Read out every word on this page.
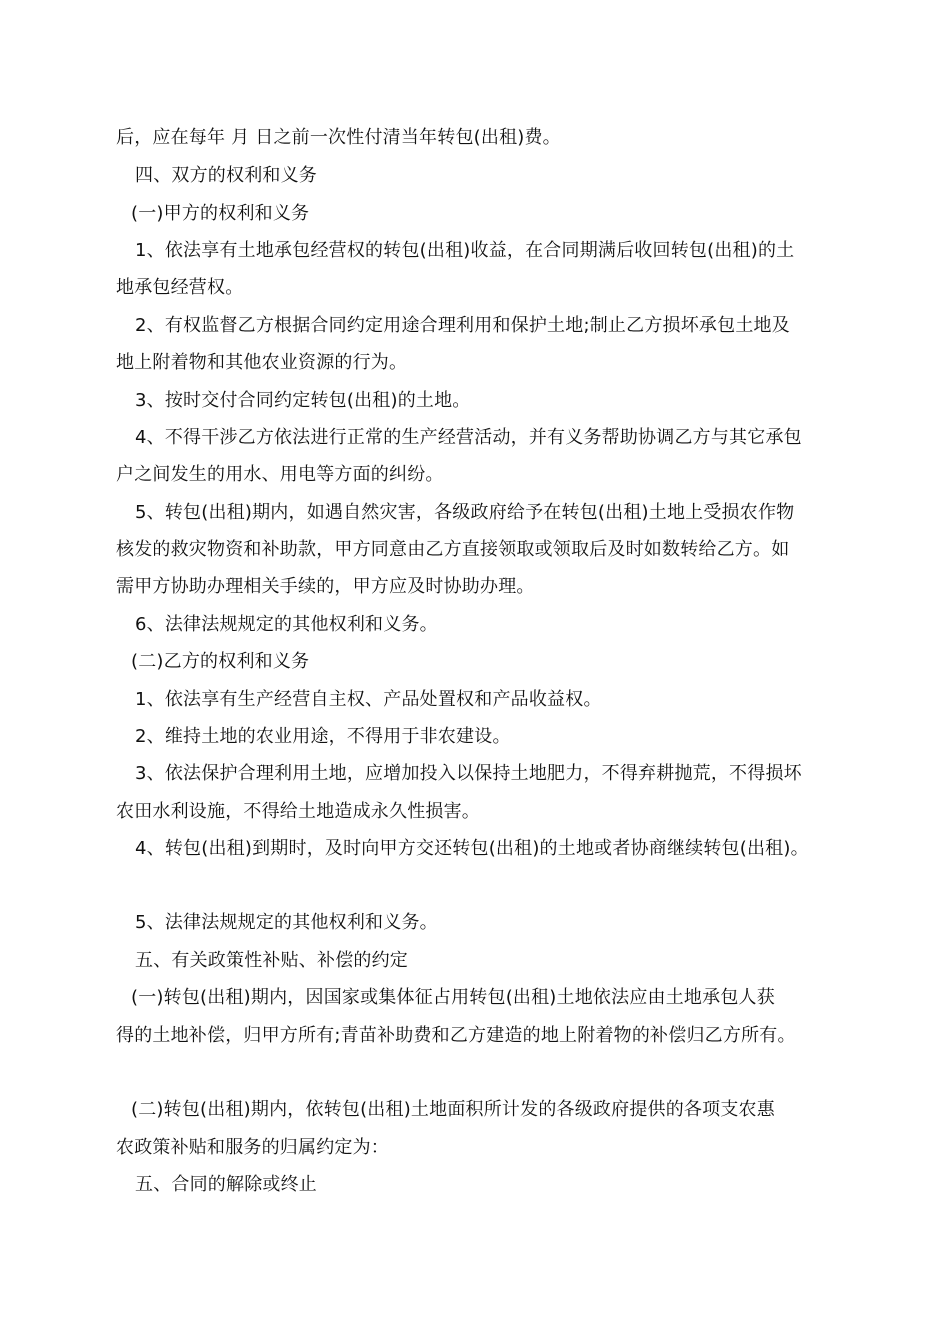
后，应在每年 月 日之前一次性付清当年转包(出租)费。

四、双方的权利和义务

(一)甲方的权利和义务

1、依法享有土地承包经营权的转包(出租)收益，在合同期满后收回转包(出租)的土

地承包经营权。

2、有权监督乙方根据合同约定用途合理利用和保护土地;制止乙方损坏承包土地及

地上附着物和其他农业资源的行为。

3、按时交付合同约定转包(出租)的土地。

4、不得干涉乙方依法进行正常的生产经营活动，并有义务帮助协调乙方与其它承包

户之间发生的用水、用电等方面的纠纷。

5、转包(出租)期内，如遇自然灾害，各级政府给予在转包(出租)土地上受损农作物

核发的救灾物资和补助款，甲方同意由乙方直接领取或领取后及时如数转给乙方。如

需甲方协助办理相关手续的，甲方应及时协助办理。

6、法律法规规定的其他权利和义务。

(二)乙方的权利和义务

1、依法享有生产经营自主权、产品处置权和产品收益权。

2、维持土地的农业用途，不得用于非农建设。

3、依法保护合理利用土地，应增加投入以保持土地肥力，不得弃耕抛荒，不得损坏

农田水利设施，不得给土地造成永久性损害。

4、转包(出租)到期时，及时向甲方交还转包(出租)的土地或者协商继续转包(出租)。

5、法律法规规定的其他权利和义务。

五、有关政策性补贴、补偿的约定

(一)转包(出租)期内，因国家或集体征占用转包(出租)土地依法应由土地承包人获

得的土地补偿，归甲方所有;青苗补助费和乙方建造的地上附着物的补偿归乙方所有。

(二)转包(出租)期内，依转包(出租)土地面积所计发的各级政府提供的各项支农惠

农政策补贴和服务的归属约定为：

五、合同的解除或终止
